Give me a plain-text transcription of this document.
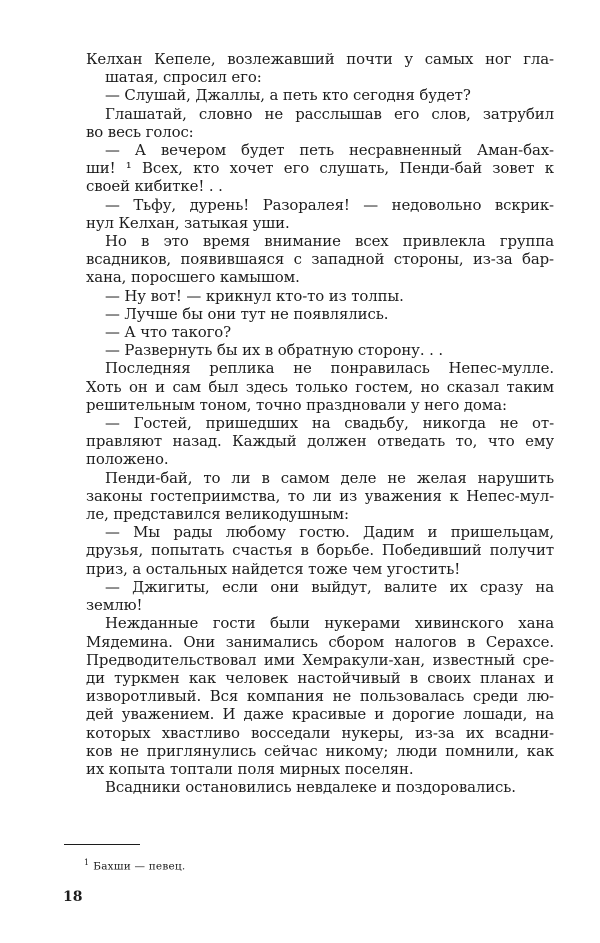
Келхан Кепеле, возлежавший почти у самых ног гла-

шатая, спросил его:

— Слушай, Джаллы, а петь кто сегодня будет?

Глашатай, словно не расслышав его слов, затрубил

во весь голос:

— А вечером будет петь несравненный Аман-бах-

ши! ¹ Всех, кто хочет его слушать, Пенди-бай зовет к

своей кибитке! . .

— Тьфу, дурень! Разоралея! — недовольно вскрик-

нул Келхан, затыкая уши.

Но в это время внимание всех привлекла группа

всадников, появившаяся с западной стороны, из-за бар-

хана, поросшего камышом.

— Ну вот! — крикнул кто-то из толпы.

— Лучше бы они тут не появлялись.

— А что такого?

— Развернуть бы их в обратную сторону. . .

Последняя реплика не понравилась Непес-мулле.

Хоть он и сам был здесь только гостем, но сказал таким

решительным тоном, точно праздновали у него дома:

— Гостей, пришедших на свадьбу, никогда не от-

правляют назад. Каждый должен отведать то, что ему

положено.

Пенди-бай, то ли в самом деле не желая нарушить

законы гостеприимства, то ли из уважения к Непес-мул-

ле, представился великодушным:

— Мы рады любому гостю. Дадим и пришельцам,

друзья, попытать счастья в борьбе. Победивший получит

приз, а остальных найдется тоже чем угостить!

— Джигиты, если они выйдут, валите их сразу на

землю!

Нежданные гости были нукерами хивинского хана

Мядемина. Они занимались сбором налогов в Серахсе.

Предводительствовал ими Хемракули-хан, известный сре-

ди туркмен как человек настойчивый в своих планах и

изворотливый. Вся компания не пользовалась среди лю-

дей уважением. И даже красивые и дорогие лошади, на

которых хвастливо восседали нукеры, из-за их всадни-

ков не приглянулись сейчас никому; люди помнили, как

их копыта топтали поля мирных поселян.

Всадники остановились невдалеке и поздоровались.

$^1$ Бахши — певец.
18
